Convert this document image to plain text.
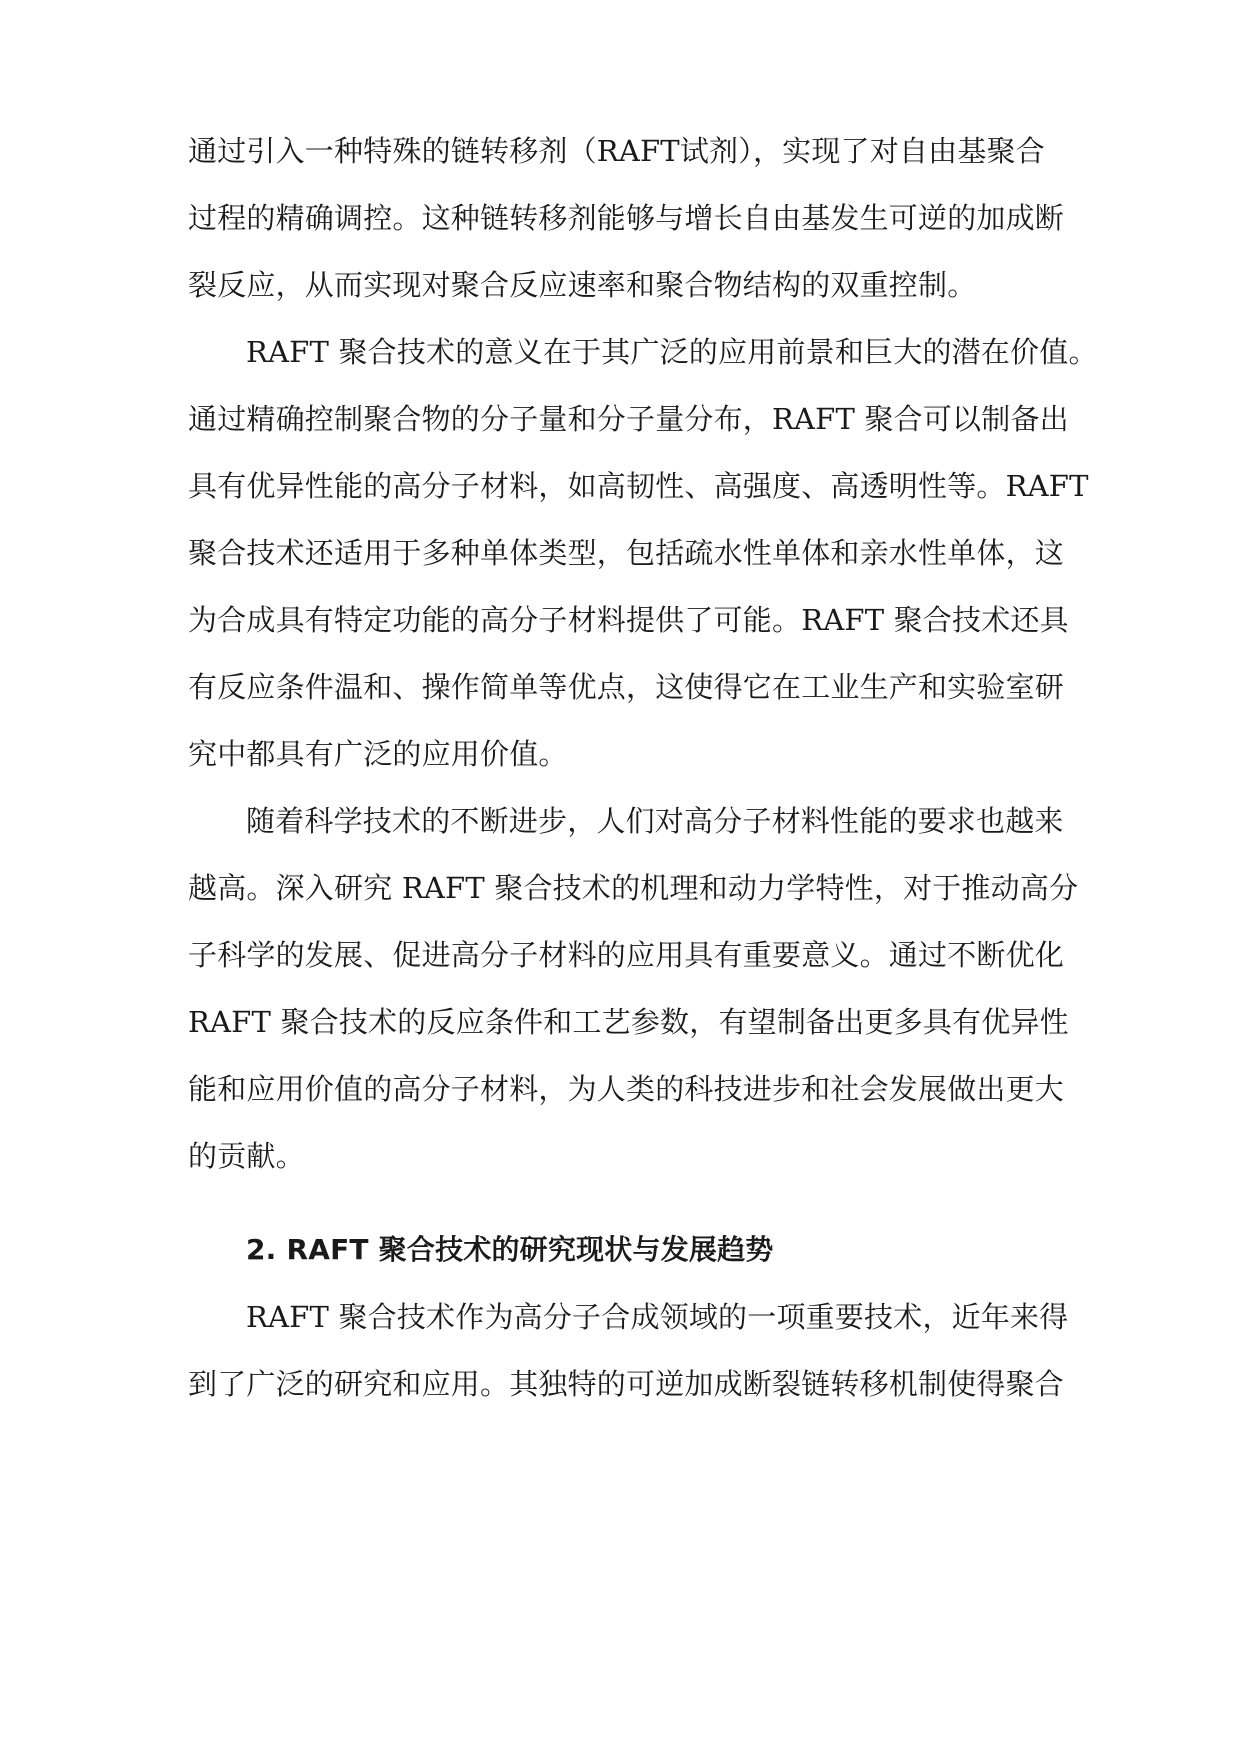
通过引入一种特殊的链转移剂（RAFT试剂），实现了对自由基聚合
过程的精确调控。这种链转移剂能够与增长自由基发生可逆的加成断
裂反应，从而实现对聚合反应速率和聚合物结构的双重控制。
RAFT 聚合技术的意义在于其广泛的应用前景和巨大的潜在价值。
通过精确控制聚合物的分子量和分子量分布，RAFT 聚合可以制备出
具有优异性能的高分子材料，如高韧性、高强度、高透明性等。RAFT
聚合技术还适用于多种单体类型，包括疏水性单体和亲水性单体，这
为合成具有特定功能的高分子材料提供了可能。RAFT 聚合技术还具
有反应条件温和、操作简单等优点，这使得它在工业生产和实验室研
究中都具有广泛的应用价值。
随着科学技术的不断进步，人们对高分子材料性能的要求也越来
越高。深入研究 RAFT 聚合技术的机理和动力学特性，对于推动高分
子科学的发展、促进高分子材料的应用具有重要意义。通过不断优化
RAFT 聚合技术的反应条件和工艺参数，有望制备出更多具有优异性
能和应用价值的高分子材料，为人类的科技进步和社会发展做出更大
的贡献。
2. RAFT 聚合技术的研究现状与发展趋势
RAFT 聚合技术作为高分子合成领域的一项重要技术，近年来得
到了广泛的研究和应用。其独特的可逆加成断裂链转移机制使得聚合
